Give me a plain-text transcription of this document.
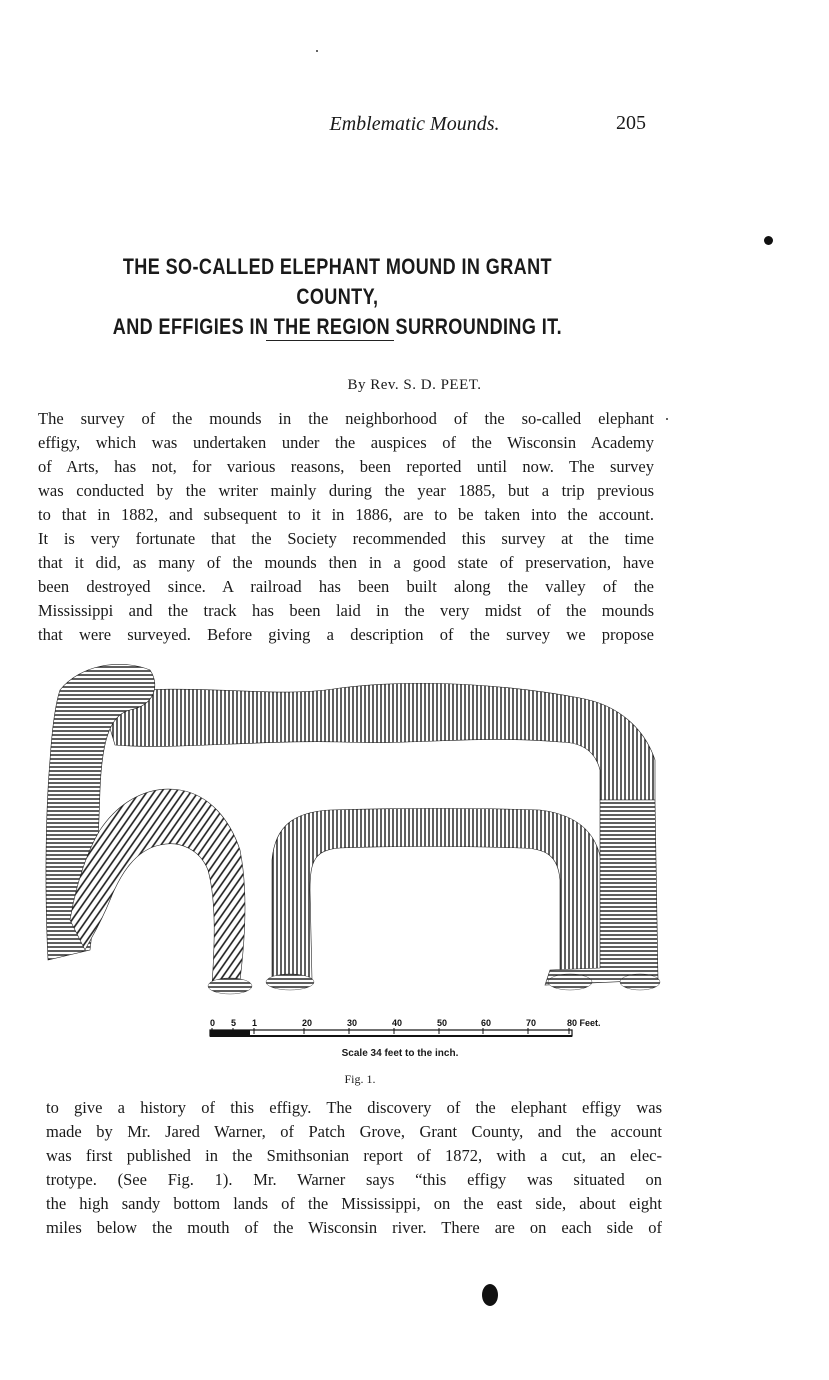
Emblematic Mounds.	205
THE SO-CALLED ELEPHANT MOUND IN GRANT COUNTY,
AND EFFIGIES IN THE REGION SURROUNDING IT.
By Rev. S. D. PEET.
The survey of the mounds in the neighborhood of the so-called elephant
effigy, which was undertaken under the auspices of the Wisconsin Academy
of Arts, has not, for various reasons, been reported until now. The survey
was conducted by the writer mainly during the year 1885, but a trip previous
to that in 1882, and subsequent to it in 1886, are to be taken into the account.
It is very fortunate that the Society recommended this survey at the time
that it did, as many of the mounds then in a good state of preservation, have
been destroyed since. A railroad has been built along the valley of the
Mississippi and the track has been laid in the very midst of the mounds
that were surveyed. Before giving a description of the survey we propose
0 5 1	20	30	40	50	60	70	80 Feet.
Scale 34 feet to the inch.
Fig. 1.
to give a history of this effigy. The discovery of the elephant effigy was
made by Mr. Jared Warner, of Patch Grove, Grant County, and the account
was first published in the Smithsonian report of 1872, with a cut, an elec-
trotype. (See Fig. 1). Mr. Warner says “this effigy was situated on
the high sandy bottom lands of the Mississippi, on the east side, about eight
miles below the mouth of the Wisconsin river. There are on each side of
